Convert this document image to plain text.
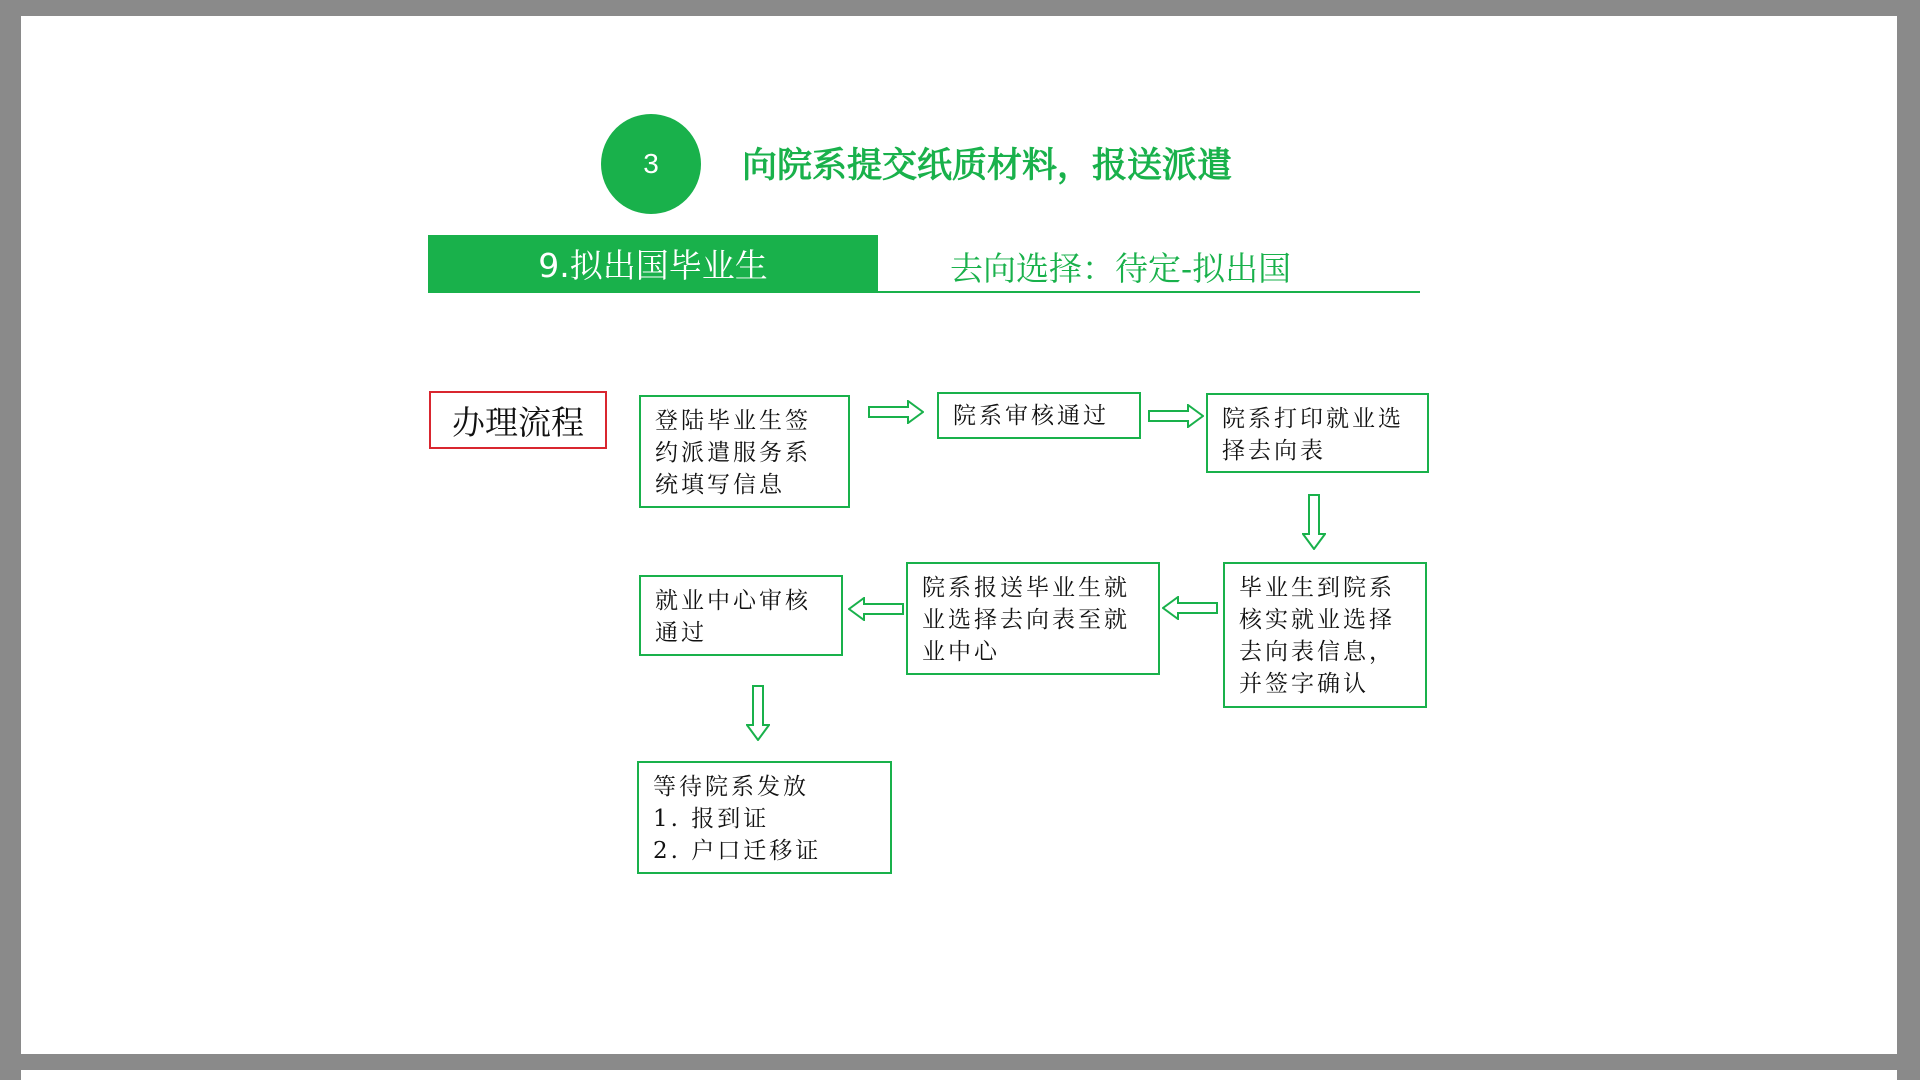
3 向院系提交纸质材料，报送派遣
9.拟出国毕业生	去向选择：待定-拟出国
办理流程	登陆毕业生签
约派遣服务系
统填写信息
院系审核通过	院系打印就业选
择去向表
毕业生到院系
核实就业选择
去向表信息，
并签字确认
院系报送毕业生就
业选择去向表至就
业中心
就业中心审核
通过
等待院系发放
1. 报到证
2. 户口迁移证
